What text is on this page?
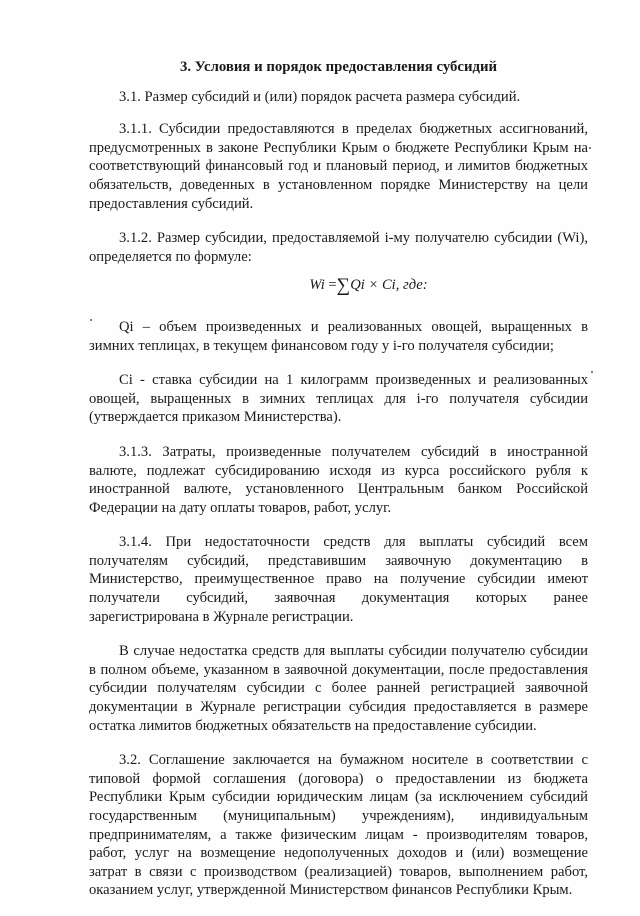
3. Условия и порядок предоставления субсидий

3.1. Размер субсидий и (или) порядок расчета размера субсидий.

3.1.1. Субсидии предоставляются в пределах бюджетных ассигнований, предусмотренных в законе Республики Крым о бюджете Республики Крым на соответствующий финансовый год и плановый период, и лимитов бюджетных обязательств, доведенных в установленном порядке Министерству на цели предоставления субсидий.

3.1.2. Размер субсидии, предоставляемой i-му получателю субсидии (Wi), определяется по формуле:

Wi =∑Qi × Ci, где:

Qi – объем произведенных и реализованных овощей, выращенных в зимних теплицах, в текущем финансовом году у i-го получателя субсидии;

Ci - ставка субсидии на 1 килограмм произведенных и реализованных овощей, выращенных в зимних теплицах для i-го получателя субсидии (утверждается приказом Министерства).

3.1.3. Затраты, произведенные получателем субсидий в иностранной валюте, подлежат субсидированию исходя из курса российского рубля к иностранной валюте, установленного Центральным банком Российской Федерации на дату оплаты товаров, работ, услуг.

3.1.4. При недостаточности средств для выплаты субсидий всем получателям субсидий, представившим заявочную документацию в Министерство, преимущественное право на получение субсидии имеют получатели субсидий, заявочная документация которых ранее зарегистрирована в Журнале регистрации.

В случае недостатка средств для выплаты субсидии получателю субсидии в полном объеме, указанном в заявочной документации, после предоставления субсидии получателям субсидии с более ранней регистрацией заявочной документации в Журнале регистрации субсидия предоставляется в размере остатка лимитов бюджетных обязательств на предоставление субсидии.

3.2. Соглашение заключается на бумажном носителе в соответствии с типовой формой соглашения (договора) о предоставлении из бюджета Республики Крым субсидии юридическим лицам (за исключением субсидий государственным (муниципальным) учреждениям), индивидуальным предпринимателям, а также физическим лицам - производителям товаров, работ, услуг на возмещение недополученных доходов и (или) возмещение затрат в связи с производством (реализацией) товаров, выполнением работ, оказанием услуг, утвержденной Министерством финансов Республики Крым.
